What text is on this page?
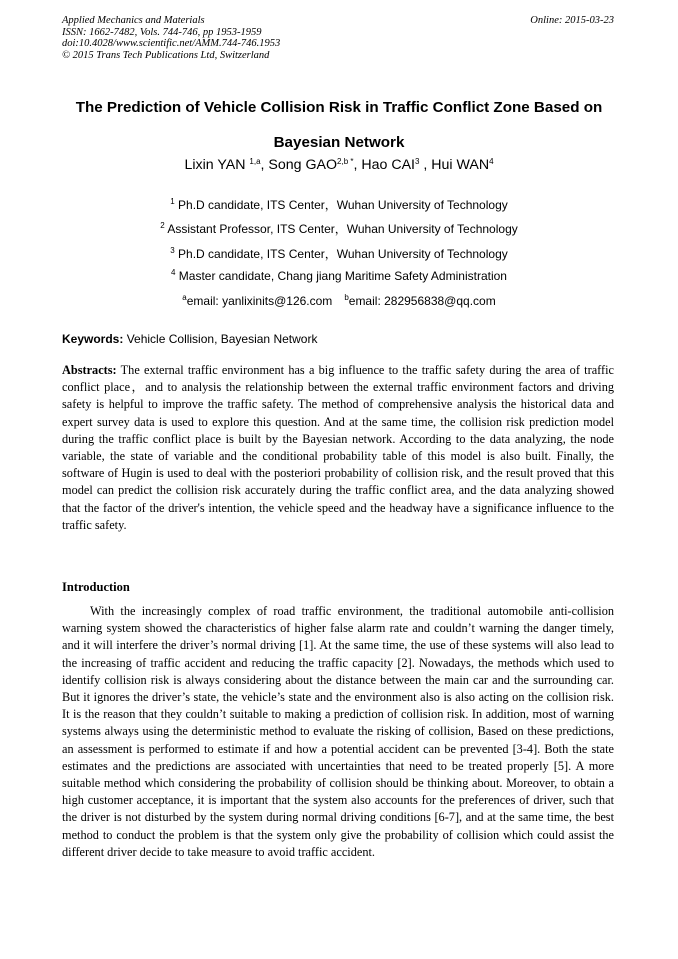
Applied Mechanics and Materials
ISSN: 1662-7482, Vols. 744-746, pp 1953-1959
doi:10.4028/www.scientific.net/AMM.744-746.1953
© 2015 Trans Tech Publications Ltd, Switzerland
Online: 2015-03-23
The Prediction of Vehicle Collision Risk in Traffic Conflict Zone Based on
Bayesian Network
Lixin YAN $^{1,a}$, Song $GAO^{2,b *}$, Hao CAI$^3$ , Hui WAN$^4$
$^1$ Ph.D candidate, ITS Center，Wuhan University of Technology
$^2$ Assistant Professor, ITS Center，Wuhan University of Technology
$^3$ Ph.D candidate, ITS Center，Wuhan University of Technology
$^4$ Master candidate, Chang jiang Maritime Safety Administration
$^a$email: yanlixinits@126.com $^b$email: 282956838@qq.com
Keywords: Vehicle Collision, Bayesian Network
Abstracts: The external traffic environment has a big influence to the traffic safety during the area of traffic conflict place，and to analysis the relationship between the external traffic environment factors and driving safety is helpful to improve the traffic safety. The method of comprehensive analysis the historical data and expert survey data is used to explore this question. And at the same time, the collision risk prediction model during the traffic conflict place is built by the Bayesian network. According to the data analyzing, the node variable, the state of variable and the conditional probability table of this model is also built. Finally, the software of Hugin is used to deal with the posteriori probability of collision risk, and the result proved that this model can predict the collision risk accurately during the traffic conflict area, and the data analyzing showed that the factor of the driver's intention, the vehicle speed and the headway have a significance influence to the traffic safety.
Introduction
With the increasingly complex of road traffic environment, the traditional automobile anti-collision warning system showed the characteristics of higher false alarm rate and couldn’t warning the danger timely, and it will interfere the driver’s normal driving [1]. At the same time, the use of these systems will also lead to the increasing of traffic accident and reducing the traffic capacity [2]. Nowadays, the methods which used to identify collision risk is always considering about the distance between the main car and the surrounding car. But it ignores the driver’s state, the vehicle’s state and the environment also is also acting on the collision risk. It is the reason that they couldn’t suitable to making a prediction of collision risk. In addition, most of warning systems always using the deterministic method to evaluate the risking of collision, Based on these predictions, an assessment is performed to estimate if and how a potential accident can be prevented [3-4]. Both the state estimates and the predictions are associated with uncertainties that need to be treated properly [5]. A more suitable method which considering the probability of collision should be thinking about. Moreover, to obtain a high customer acceptance, it is important that the system also accounts for the preferences of driver, such that the driver is not disturbed by the system during normal driving conditions [6-7], and at the same time, the best method to conduct the problem is that the system only give the probability of collision which could assist the different driver decide to take measure to avoid traffic accident.
